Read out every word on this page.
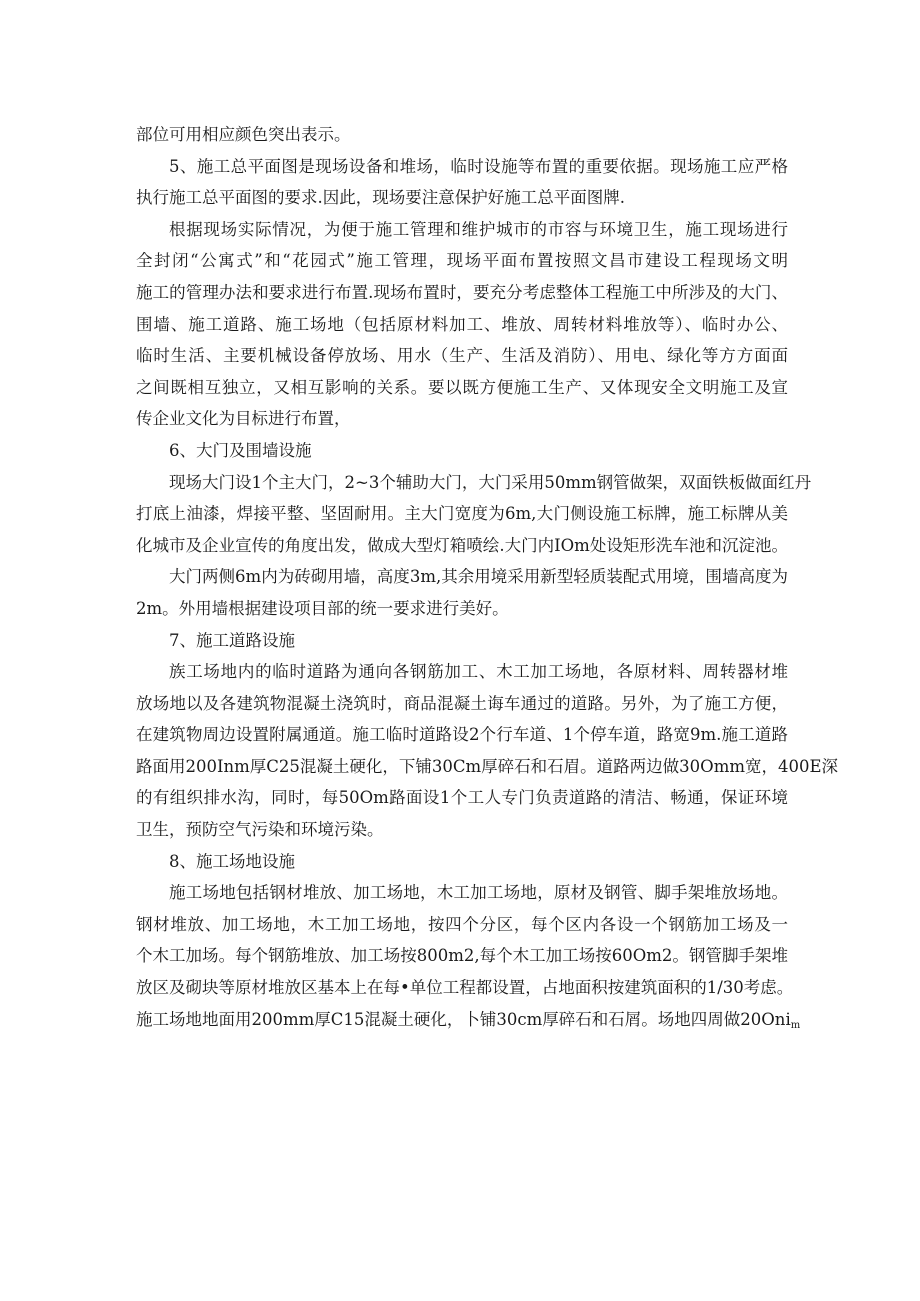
部位可用相应颜色突出表示。
5、施工总平面图是现场设备和堆场，临时设施等布置的重要依据。现场施工应严格
执行施工总平面图的要求.因此，现场要注意保护好施工总平面图牌.
根据现场实际情况，为便于施工管理和维护城市的市容与环境卫生，施工现场进行
全封闭“公寓式”和“花园式”施工管理，现场平面布置按照文昌市建设工程现场文明
施工的管理办法和要求进行布置.现场布置时，要充分考虑整体工程施工中所涉及的大门、
围墙、施工道路、施工场地（包括原材料加工、堆放、周转材料堆放等）、临时办公、
临时生活、主要机械设备停放场、用水（生产、生活及消防）、用电、绿化等方方面面
之间既相互独立，又相互影响的关系。要以既方便施工生产、又体现安全文明施工及宣
传企业文化为目标进行布置，
6、大门及围墙设施
现场大门设1个主大门，2~3个辅助大门，大门采用50mm钢管做架，双面铁板做面红丹
打底上油漆，焊接平整、坚固耐用。主大门宽度为6m,大门侧设施工标牌，施工标牌从美
化城市及企业宣传的角度出发，做成大型灯箱喷绘.大门内IOm处设矩形洗车池和沉淀池。
大门两侧6m内为砖砌用墙，高度3m,其余用境采用新型轻质装配式用境，围墙高度为
2m。外用墙根据建设项目部的统一要求进行美好。
7、施工道路设施
族工场地内的临时道路为通向各钢筋加工、木工加工场地，各原材料、周转器材堆
放场地以及各建筑物混凝土浇筑时，商品混凝土诲车通过的道路。另外，为了施工方便，
在建筑物周边设置附属通道。施工临时道路设2个行车道、1个停车道，路宽9m.施工道路
路面用200Inm厚C25混凝土硬化，下铺30Cm厚碎石和石眉。道路两边做30Omm宽，400E深
的有组织排水沟，同时，每50Om路面设1个工人专门负责道路的清洁、畅通，保证环境
卫生，预防空气污染和环境污染。
8、施工场地设施
施工场地包括钢材堆放、加工场地，木工加工场地，原材及钢管、脚手架堆放场地。
钢材堆放、加工场地，木工加工场地，按四个分区，每个区内各设一个钢筋加工场及一
个木工加场。每个钢筋堆放、加工场按800m2,每个木工加工场按60Om2。钢管脚手架堆
放区及砌块等原材堆放区基本上在每•单位工程都设置，占地面积按建筑面积的1/30考虑。
施工场地地面用200mm厚C15混凝土硬化，卜铺30cm厚碎石和石屑。场地四周做20Oni$_m$
